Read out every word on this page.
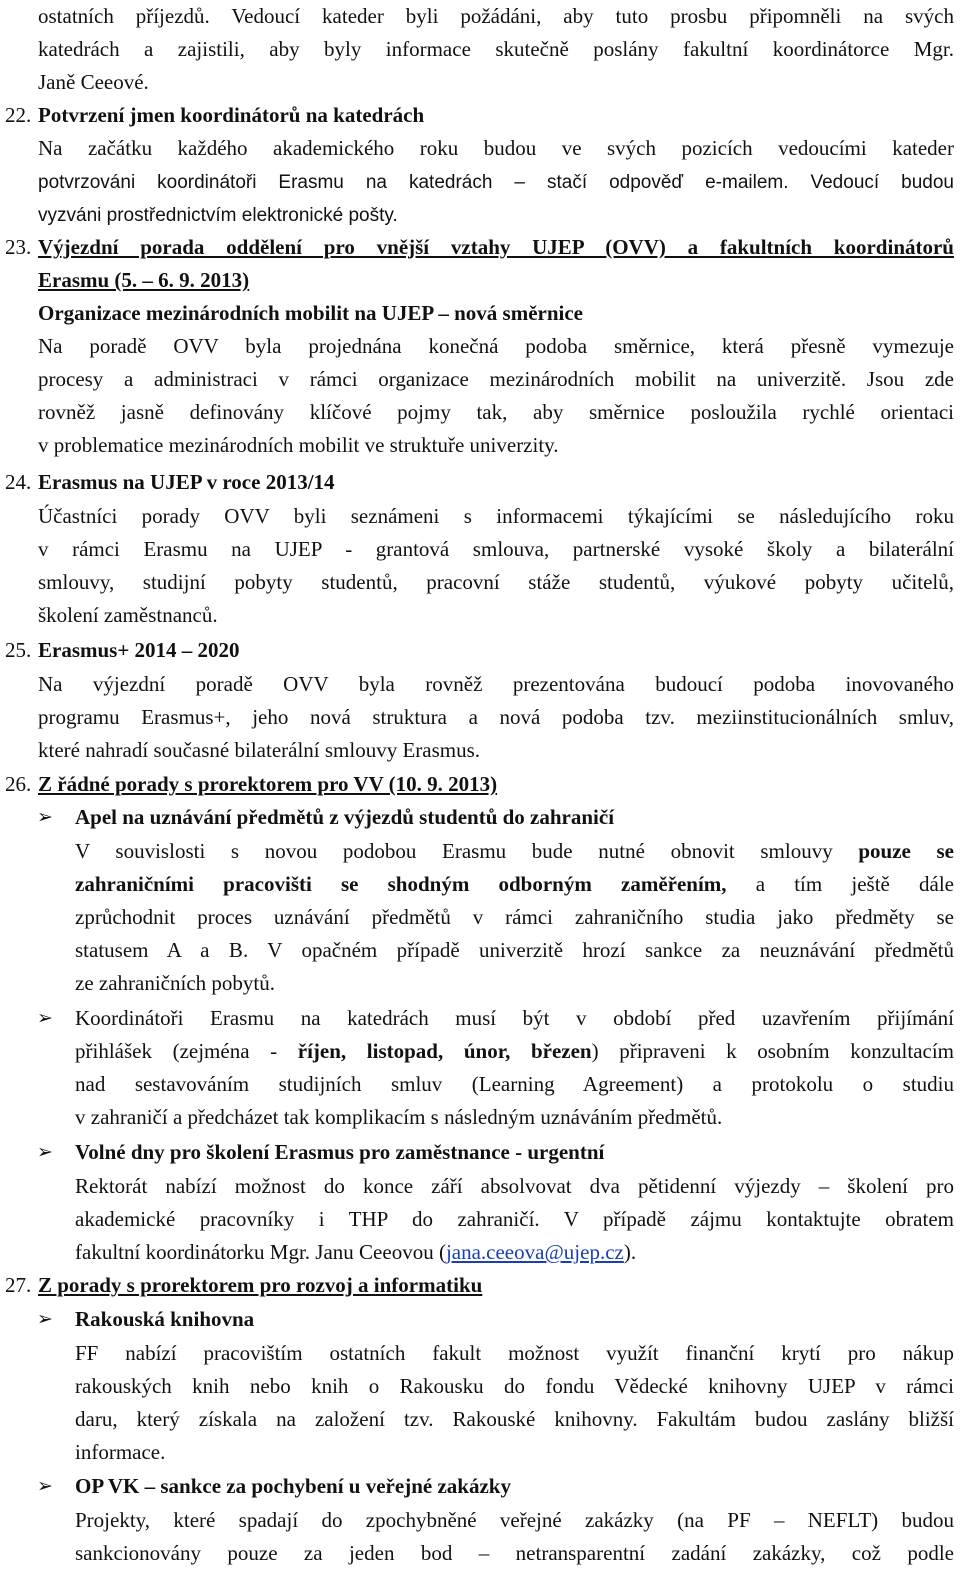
ostatních příjezdů. Vedoucí kateder byli požádáni, aby tuto prosbu připomněli na svých
katedrách a zajistili, aby byly informace skutečně poslány fakultní koordinátorce Mgr.
Janě Ceeové.
22. Potvrzení jmen koordinátorů na katedrách
Na začátku každého akademického roku budou ve svých pozicích vedoucími kateder
potvrzováni koordinátoři Erasmu na katedrách – stačí odpověď e-mailem. Vedoucí budou
vyzváni prostřednictvím elektronické pošty.
23. Výjezdní porada oddělení pro vnější vztahy UJEP (OVV) a fakultních koordinátorů
Erasmu (5. – 6. 9. 2013)
Organizace mezinárodních mobilit na UJEP – nová směrnice
Na poradě OVV byla projednána konečná podoba směrnice, která přesně vymezuje
procesy a administraci v rámci organizace mezinárodních mobilit na univerzitě. Jsou zde
rovněž jasně definovány klíčové pojmy tak, aby směrnice posloužila rychlé orientaci
v problematice mezinárodních mobilit ve struktuře univerzity.
24. Erasmus na UJEP v roce 2013/14
Účastníci porady OVV byli seznámeni s informacemi týkajícími se následujícího roku
v rámci Erasmu na UJEP - grantová smlouva, partnerské vysoké školy a bilaterální
smlouvy, studijní pobyty studentů, pracovní stáže studentů, výukové pobyty učitelů,
školení zaměstnanců.
25. Erasmus+ 2014 – 2020
Na výjezdní poradě OVV byla rovněž prezentována budoucí podoba inovovaného
programu Erasmus+, jeho nová struktura a nová podoba tzv. meziinstitucionálních smluv,
které nahradí současné bilaterální smlouvy Erasmus.
26. Z řádné porady s prorektorem pro VV (10. 9. 2013)
➢ Apel na uznávání předmětů z výjezdů studentů do zahraničí
V souvislosti s novou podobou Erasmu bude nutné obnovit smlouvy pouze se
zahraničními pracovišti se shodným odborným zaměřením, a tím ještě dále
zprůchodnit proces uznávání předmětů v rámci zahraničního studia jako předměty se
statusem A a B. V opačném případě univerzitě hrozí sankce za neuznávání předmětů
ze zahraničních pobytů.
➢ Koordinátoři Erasmu na katedrách musí být v období před uzavřením přijímání
přihlášek (zejména - říjen, listopad, únor, březen) připraveni k osobním konzultacím
nad sestavováním studijních smluv (Learning Agreement) a protokolu o studiu
v zahraničí a předcházet tak komplikacím s následným uznáváním předmětů.
➢ Volné dny pro školení Erasmus pro zaměstnance - urgentní
Rektorát nabízí možnost do konce září absolvovat dva pětidenní výjezdy – školení pro
akademické pracovníky i THP do zahraničí. V případě zájmu kontaktujte obratem
fakultní koordinátorku Mgr. Janu Ceeovou (jana.ceeova@ujep.cz).
27. Z porady s prorektorem pro rozvoj a informatiku
➢ Rakouská knihovna
FF nabízí pracovištím ostatních fakult možnost využít finanční krytí pro nákup
rakouských knih nebo knih o Rakousku do fondu Vědecké knihovny UJEP v rámci
daru, který získala na založení tzv. Rakouské knihovny. Fakultám budou zaslány bližší
informace.
➢ OP VK – sankce za pochybení u veřejné zakázky
Projekty, které spadají do zpochybněné veřejné zakázky (na PF – NEFLT) budou
sankcionovány pouze za jeden bod – netransparentní zadání zakázky, což podle
